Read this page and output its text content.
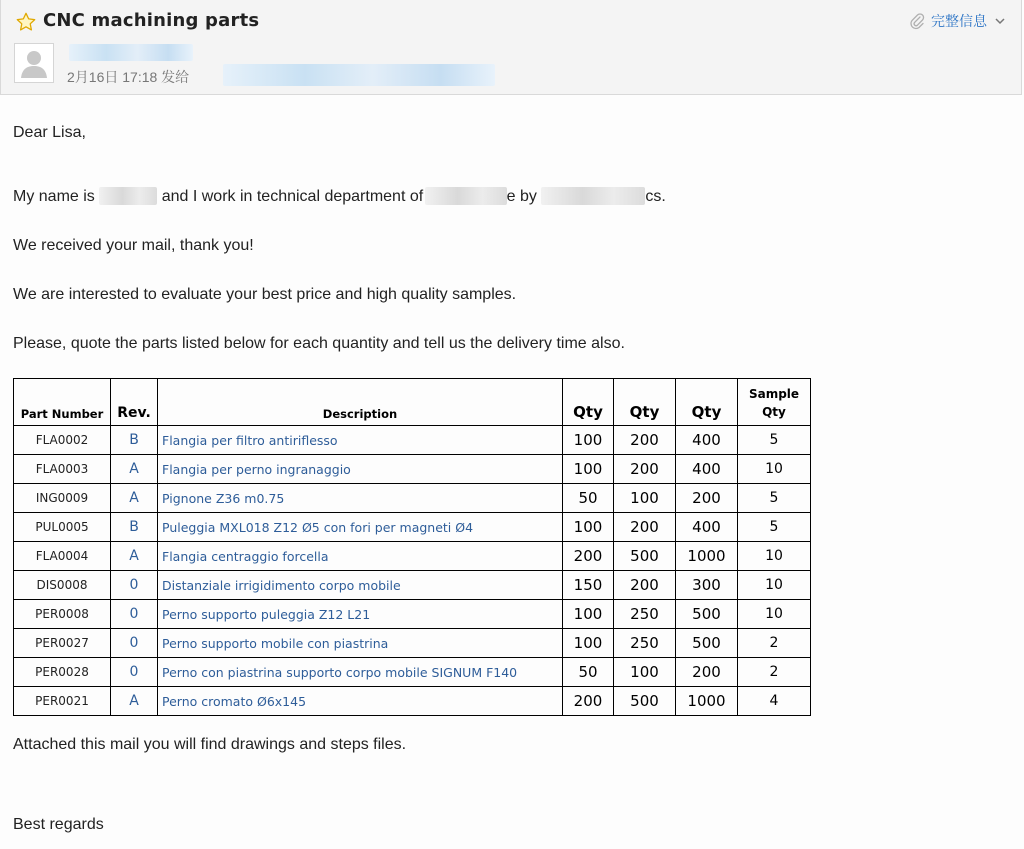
CNC machining parts	完整信息
2月16日 17:18 发给
Dear Lisa,
My name is	and I work in technical department of	e by	cs.
We received your mail, thank you!
We are interested to evaluate your best price and high quality samples.
Please, quote the parts listed below for each quantity and tell us the delivery time also.
Part Number	Rev.	Description	Qty	Qty	Qty	Sample
Qty
FLA0002	B	Flangia per filtro antiriflesso	100	200	400	5
FLA0003	A	Flangia per perno ingranaggio	100	200	400	10
ING0009	A	Pignone Z36 m0.75	50	100	200	5
PUL0005	B	Puleggia MXL018 Z12 Ø5 con fori per magneti Ø4	100	200	400	5
FLA0004	A	Flangia centraggio forcella	200	500	1000	10
DIS0008	0	Distanziale irrigidimento corpo mobile	150	200	300	10
PER0008	0	Perno supporto puleggia Z12 L21	100	250	500	10
PER0027	0	Perno supporto mobile con piastrina	100	250	500	2
PER0028	0	Perno con piastrina supporto corpo mobile SIGNUM F140	50	100	200	2
PER0021	A	Perno cromato Ø6x145	200	500	1000	4
Attached this mail you will find drawings and steps files.
Best regards
